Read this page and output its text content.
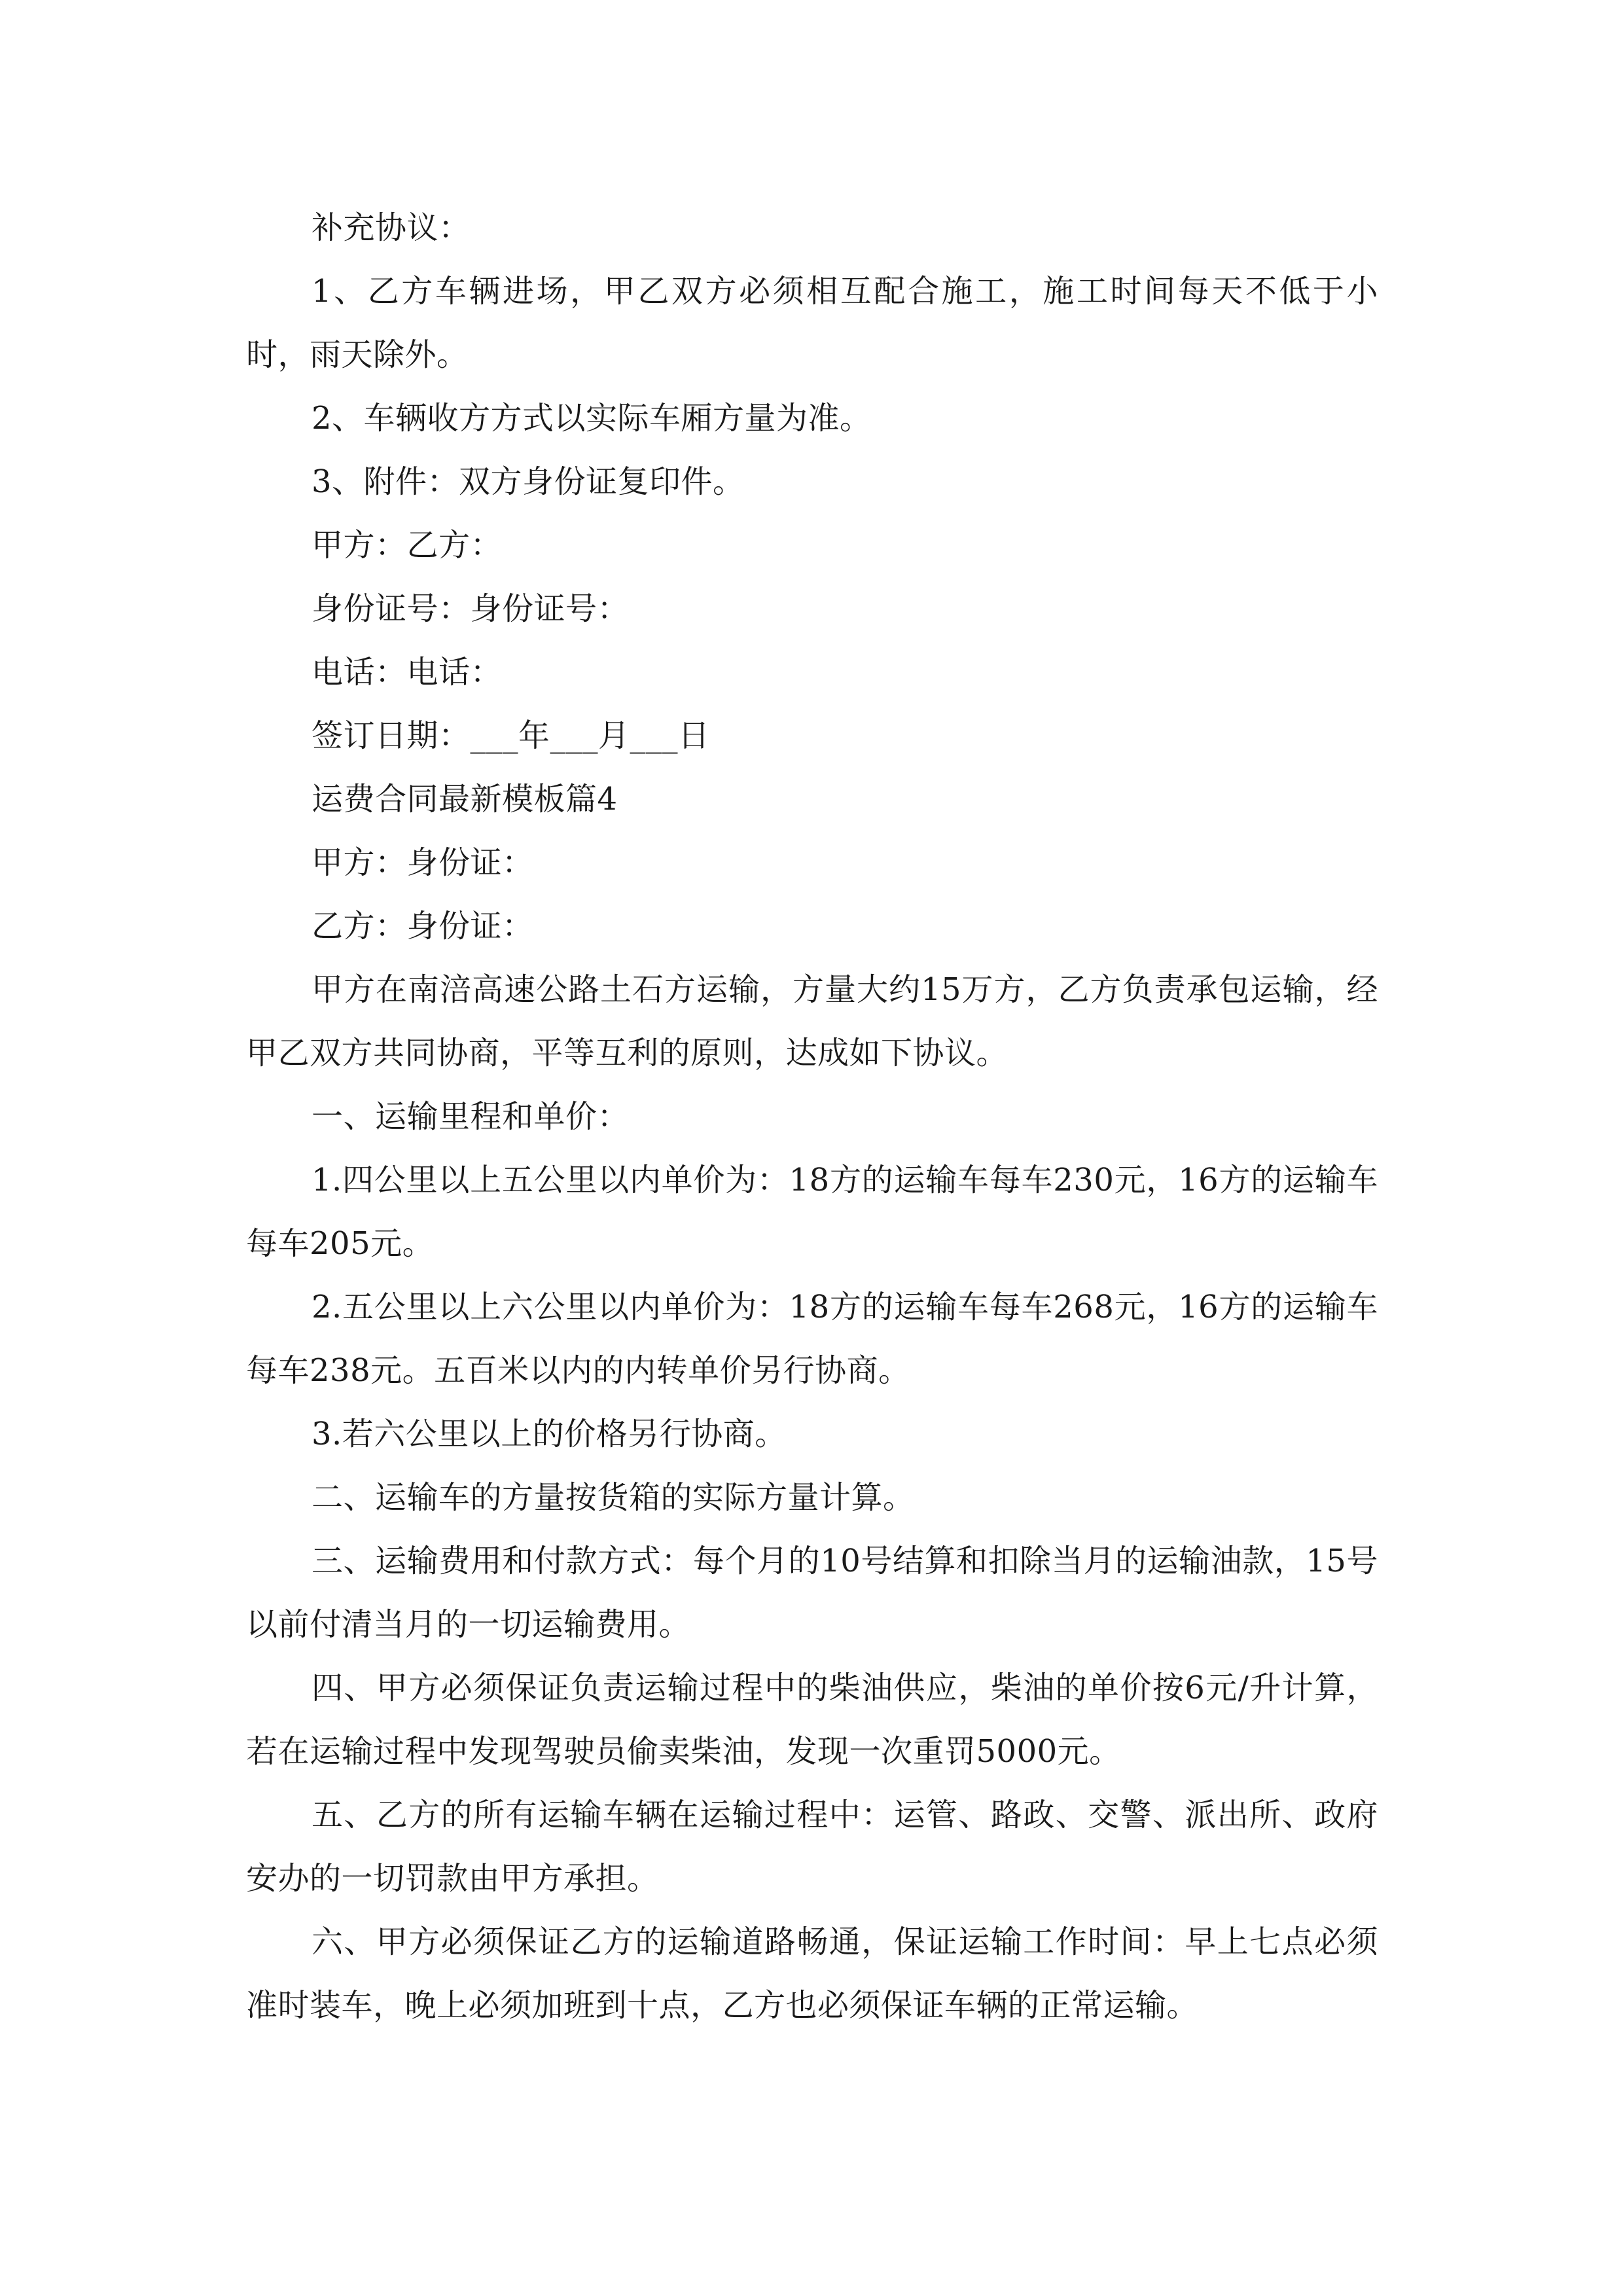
补充协议：

1、乙方车辆进场，甲乙双方必须相互配合施工，施工时间每天不低于小时，雨天除外。

2、车辆收方方式以实际车厢方量为准。

3、附件：双方身份证复印件。

甲方：乙方：

身份证号：身份证号：

电话：电话：

签订日期：___年___月___日

运费合同最新模板篇4

甲方：身份证：

乙方：身份证：

甲方在南涪高速公路土石方运输，方量大约15万方，乙方负责承包运输，经甲乙双方共同协商，平等互利的原则，达成如下协议。

一、运输里程和单价：

1.四公里以上五公里以内单价为：18方的运输车每车230元，16方的运输车每车205元。

2.五公里以上六公里以内单价为：18方的运输车每车268元，16方的运输车每车238元。五百米以内的内转单价另行协商。

3.若六公里以上的价格另行协商。

二、运输车的方量按货箱的实际方量计算。

三、运输费用和付款方式：每个月的10号结算和扣除当月的运输油款，15号以前付清当月的一切运输费用。

四、甲方必须保证负责运输过程中的柴油供应，柴油的单价按6元/升计算，若在运输过程中发现驾驶员偷卖柴油，发现一次重罚5000元。

五、乙方的所有运输车辆在运输过程中：运管、路政、交警、派出所、政府安办的一切罚款由甲方承担。

六、甲方必须保证乙方的运输道路畅通，保证运输工作时间：早上七点必须准时装车，晚上必须加班到十点，乙方也必须保证车辆的正常运输。
